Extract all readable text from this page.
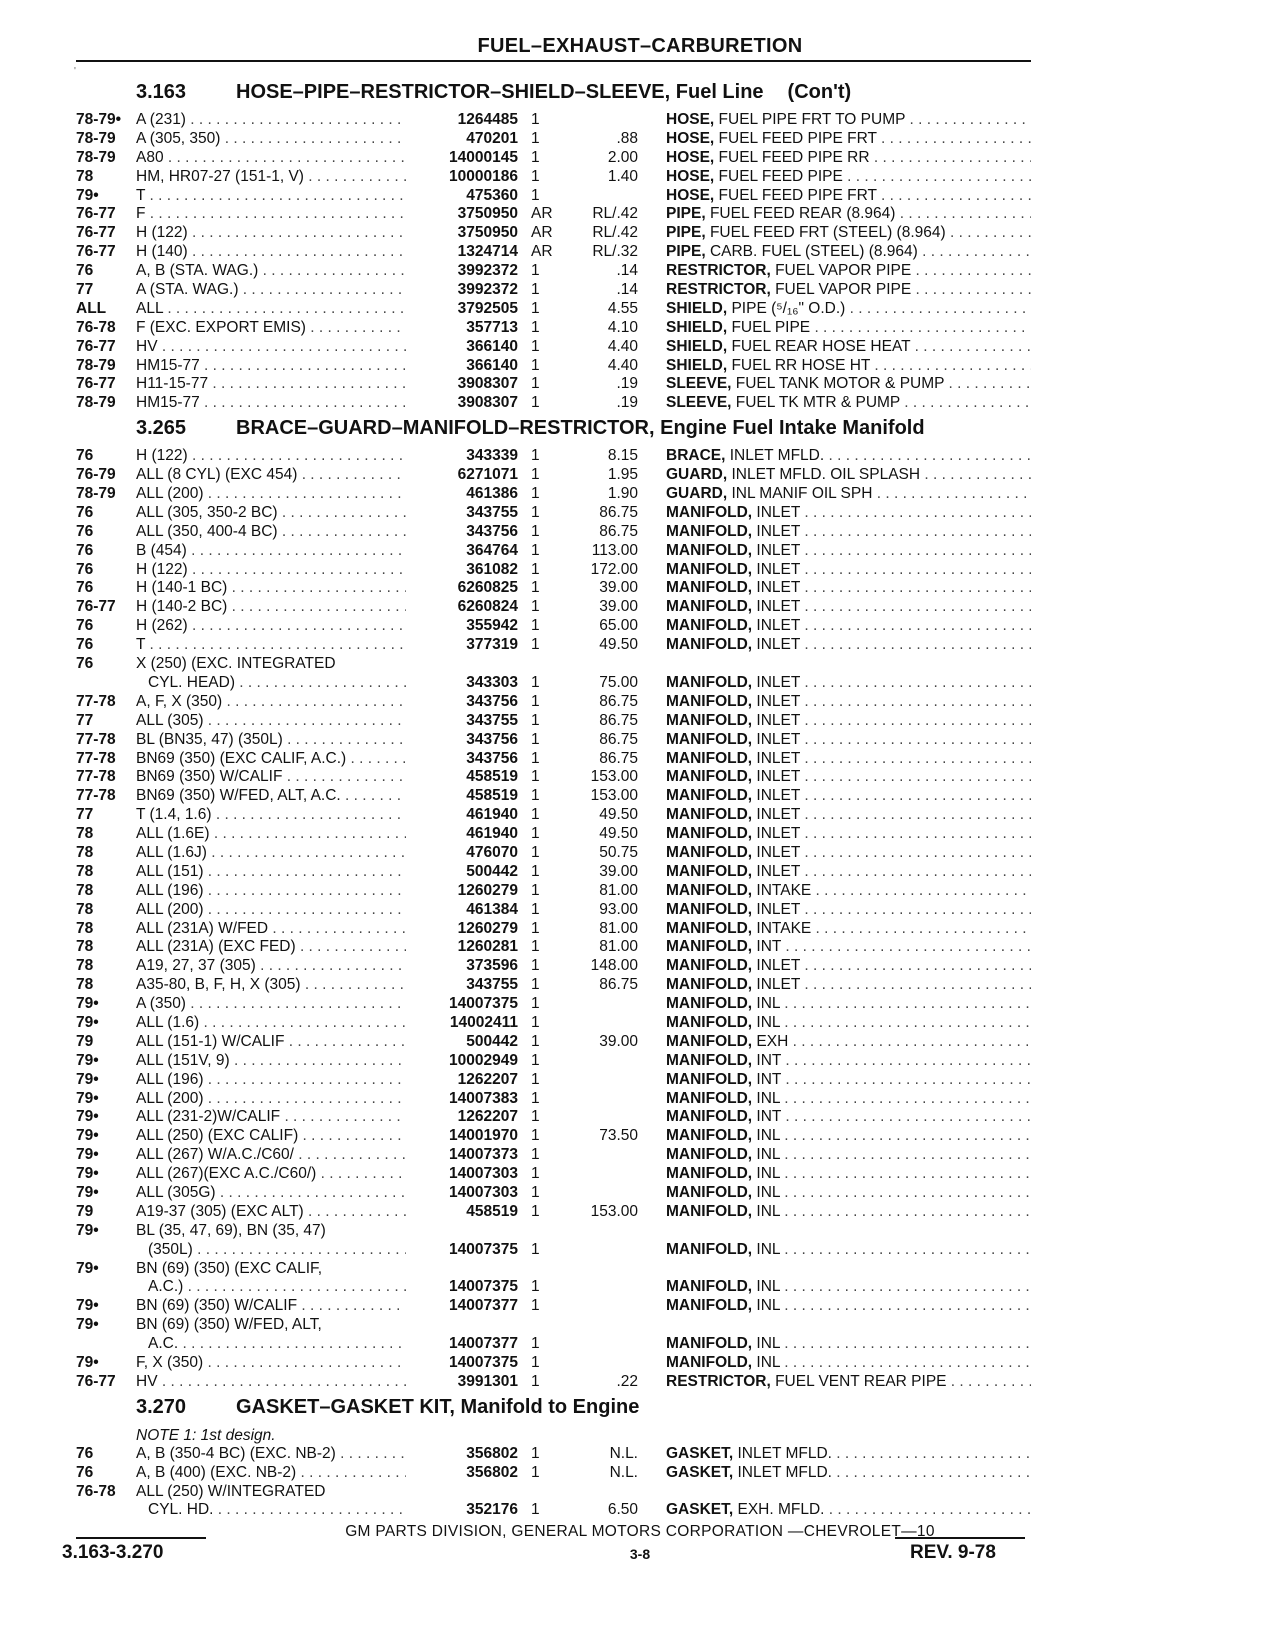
FUEL–EXHAUST–CARBURETION
'
3.163	HOSE–PIPE–RESTRICTOR–SHIELD–SLEEVE, Fuel Line (Con't)
78-79• A (231) . . .	1264485 1	HOSE, FUEL PIPE FRT TO PUMP . . .
78-79	A (305, 350) . . .	470201 1	.88 HOSE, FUEL FEED PIPE FRT . . .
78-79	A80 . . .	14000145 1	2.00 HOSE, FUEL FEED PIPE RR . . .
78	HM, HR07-27 (151-1, V) . . .	10000186 1	1.40 HOSE, FUEL FEED PIPE . . .
79•	T . . .	475360 1	HOSE, FUEL FEED PIPE FRT . . .
76-77	F . . .	3750950 AR	RL/.42 PIPE, FUEL FEED REAR (8.964) . . .
76-77	H (122) . . .	3750950 AR	RL/.42 PIPE, FUEL FEED FRT (STEEL) (8.964) . . .
76-77	H (140) . . .	1324714 AR	RL/.32 PIPE, CARB. FUEL (STEEL) (8.964) . . .
76	A, B (STA. WAG.) . . .	3992372 1	.14 RESTRICTOR, FUEL VAPOR PIPE . . .
77	A (STA. WAG.) . . .	3992372 1	.14 RESTRICTOR, FUEL VAPOR PIPE . . .
ALL	ALL . . .	3792505 1	4.55 SHIELD, PIPE (⁵/₁₆" O.D.) . . .
76-78	F (EXC. EXPORT EMIS) . . .	357713 1	4.10 SHIELD, FUEL PIPE . . .
76-77	HV . . .	366140 1	4.40 SHIELD, FUEL REAR HOSE HEAT . . .
78-79	HM15-77 . . .	366140 1	4.40 SHIELD, FUEL RR HOSE HT . . .
76-77	H11-15-77 . . .	3908307 1	.19 SLEEVE, FUEL TANK MOTOR & PUMP . . .
78-79	HM15-77 . . .	3908307 1	.19 SLEEVE, FUEL TK MTR & PUMP . . .
3.265	BRACE–GUARD–MANIFOLD–RESTRICTOR, Engine Fuel Intake Manifold
76	H (122) . . .	343339 1	8.15 BRACE, INLET MFLD. . . .
76-79	ALL (8 CYL) (EXC 454) . . .	6271071 1	1.95 GUARD, INLET MFLD. OIL SPLASH . . .
78-79	ALL (200) . . .	461386 1	1.90 GUARD, INL MANIF OIL SPH . . .
76	ALL (305, 350-2 BC) . . .	343755 1	86.75 MANIFOLD, INLET . . .
76	ALL (350, 400-4 BC) . . .	343756 1	86.75 MANIFOLD, INLET . . .
76	B (454) . . .	364764 1	113.00 MANIFOLD, INLET . . .
76	H (122) . . .	361082 1	172.00 MANIFOLD, INLET . . .
76	H (140-1 BC) . . .	6260825 1	39.00 MANIFOLD, INLET . . .
76-77	H (140-2 BC) . . .	6260824 1	39.00 MANIFOLD, INLET . . .
76	H (262) . . .	355942 1	65.00 MANIFOLD, INLET . . .
76	T . . .	377319 1	49.50 MANIFOLD, INLET . . .
76	X (250) (EXC. INTEGRATED
CYL. HEAD) . . .	343303 1	75.00 MANIFOLD, INLET . . .
77-78	A, F, X (350) . . .	343756 1	86.75 MANIFOLD, INLET . . .
77	ALL (305) . . .	343755 1	86.75 MANIFOLD, INLET . . .
77-78	BL (BN35, 47) (350L) . . .	343756 1	86.75 MANIFOLD, INLET . . .
77-78	BN69 (350) (EXC CALIF, A.C.) . . .	343756 1	86.75 MANIFOLD, INLET . . .
77-78	BN69 (350) W/CALIF . . .	458519 1	153.00 MANIFOLD, INLET . . .
77-78	BN69 (350) W/FED, ALT, A.C. . . .	458519 1	153.00 MANIFOLD, INLET . . .
77	T (1.4, 1.6) . . .	461940 1	49.50 MANIFOLD, INLET . . .
78	ALL (1.6E) . . .	461940 1	49.50 MANIFOLD, INLET . . .
78	ALL (1.6J) . . .	476070 1	50.75 MANIFOLD, INLET . . .
78	ALL (151) . . .	500442 1	39.00 MANIFOLD, INLET . . .
78	ALL (196) . . .	1260279 1	81.00 MANIFOLD, INTAKE . . .
78	ALL (200) . . .	461384 1	93.00 MANIFOLD, INLET . . .
78	ALL (231A) W/FED . . .	1260279 1	81.00 MANIFOLD, INTAKE . . .
78	ALL (231A) (EXC FED) . . .	1260281 1	81.00 MANIFOLD, INT . . .
78	A19, 27, 37 (305) . . .	373596 1	148.00 MANIFOLD, INLET . . .
78	A35-80, B, F, H, X (305) . . .	343755 1	86.75 MANIFOLD, INLET . . .
79•	A (350) . . .	14007375 1	MANIFOLD, INL . . .
79•	ALL (1.6) . . .	14002411 1	MANIFOLD, INL . . .
79	ALL (151-1) W/CALIF . . .	500442 1	39.00 MANIFOLD, EXH . . .
79•	ALL (151V, 9) . . .	10002949 1	MANIFOLD, INT . . .
79•	ALL (196) . . .	1262207 1	MANIFOLD, INT . . .
79•	ALL (200) . . .	14007383 1	MANIFOLD, INL . . .
79•	ALL (231-2)W/CALIF . . .	1262207 1	MANIFOLD, INT . . .
79•	ALL (250) (EXC CALIF) . . .	14001970 1	73.50 MANIFOLD, INL . . .
79•	ALL (267) W/A.C./C60/ . . .	14007373 1	MANIFOLD, INL . . .
79•	ALL (267)(EXC A.C./C60/) . . .	14007303 1	MANIFOLD, INL . . .
79•	ALL (305G) . . .	14007303 1	MANIFOLD, INL . . .
79	A19-37 (305) (EXC ALT) . . .	458519 1	153.00 MANIFOLD, INL . . .
79•	BL (35, 47, 69), BN (35, 47)
(350L) . . .	14007375 1	MANIFOLD, INL . . .
79•	BN (69) (350) (EXC CALIF,
A.C.) . . .	14007375 1	MANIFOLD, INL . . .
79•	BN (69) (350) W/CALIF . . .	14007377 1	MANIFOLD, INL . . .
79•	BN (69) (350) W/FED, ALT,
A.C. . . .	14007377 1	MANIFOLD, INL . . .
79•	F, X (350) . . .	14007375 1	MANIFOLD, INL . . .
76-77	HV . . .	3991301 1	.22 RESTRICTOR, FUEL VENT REAR PIPE . . .
3.270	GASKET–GASKET KIT, Manifold to Engine
NOTE 1: 1st design.
76	A, B (350-4 BC) (EXC. NB-2) . . .	356802 1	N.L. GASKET, INLET MFLD. . . .
76	A, B (400) (EXC. NB-2) . . .	356802 1	N.L. GASKET, INLET MFLD. . . .
76-78	ALL (250) W/INTEGRATED
CYL. HD. . . .	352176 1	6.50 GASKET, EXH. MFLD. . . .
GM PARTS DIVISION, GENERAL MOTORS CORPORATION —CHEVROLET—10
3.163-3.270	3-8	REV. 9-78
